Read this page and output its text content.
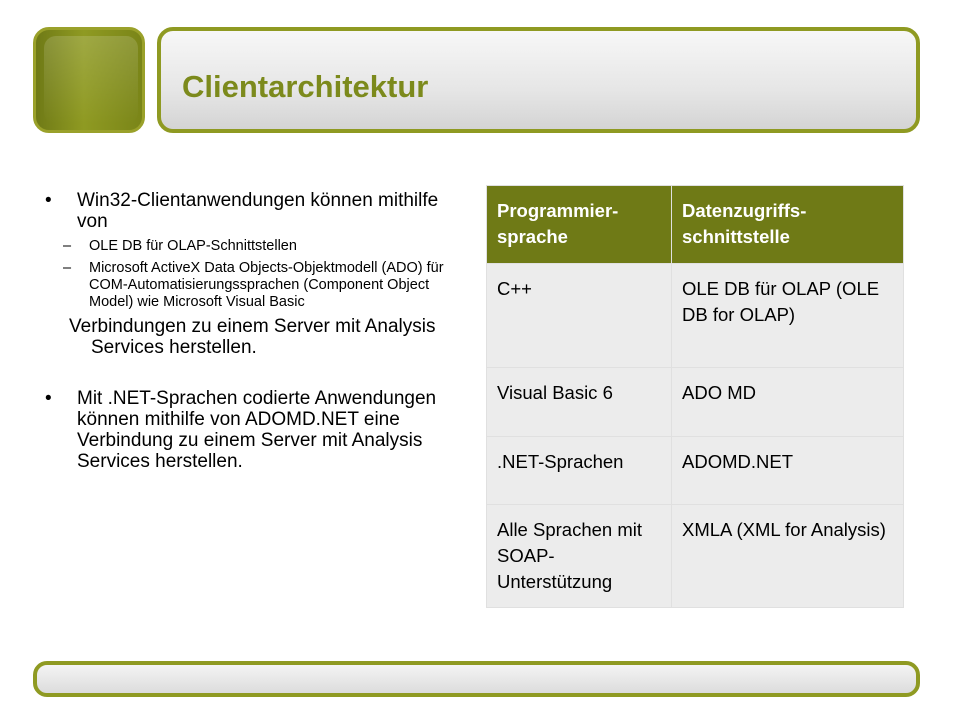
Clientarchitektur
• Win32-Clientanwendungen können mithilfe von
– OLE DB für OLAP-Schnittstellen
– Microsoft ActiveX Data Objects-Objektmodell (ADO) für COM-Automatisierungssprachen (Component Object Model) wie Microsoft Visual Basic
Verbindungen zu einem Server mit Analysis Services herstellen.
• Mit .NET-Sprachen codierte Anwendungen können mithilfe von ADOMD.NET eine Verbindung zu einem Server mit Analysis Services herstellen.
Programmier-sprache	Datenzugriffs-schnittstelle
C++	OLE DB für OLAP (OLE DB for OLAP)
Visual Basic 6	ADO MD
.NET-Sprachen	ADOMD.NET
Alle Sprachen mit SOAP-Unterstützung	XMLA (XML for Analysis)
